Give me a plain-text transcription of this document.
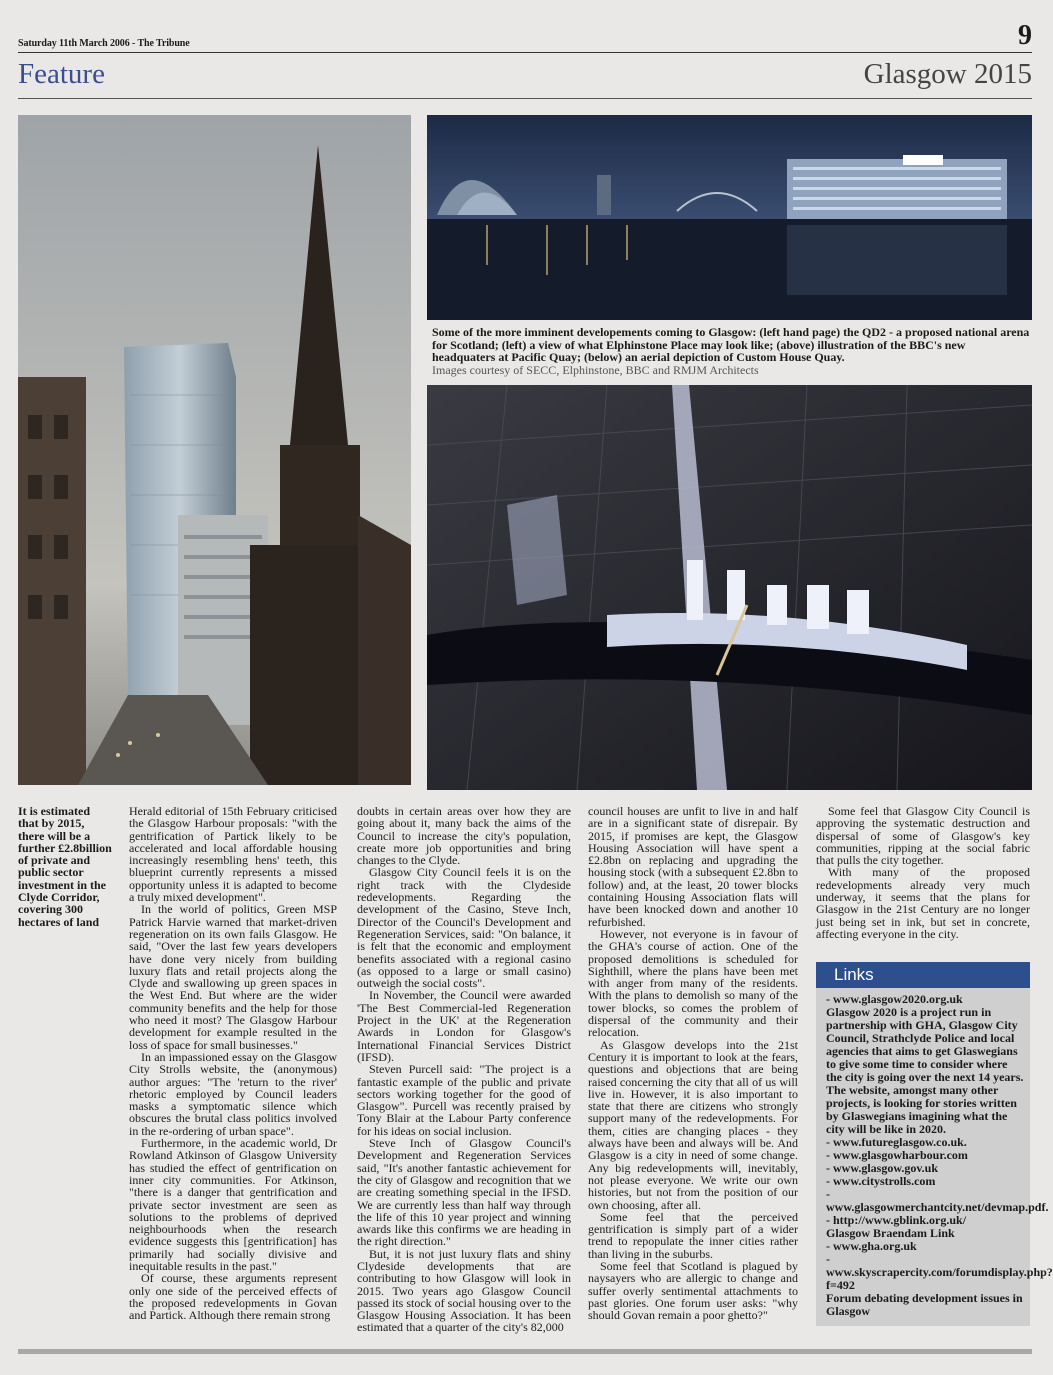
Saturday 11th March 2006 - The Tribune	9
Feature	Glasgow 2015
Some of the more imminent developements coming to Glasgow: (left hand page) the QD2 - a proposed national arena for Scotland; (left) a view of what Elphinstone Place may look like; (above) illustration of the BBC's new headquaters at Pacific Quay; (below) an aerial depiction of Custom House Quay.
Images courtesy of SECC, Elphinstone, BBC and RMJM Architects
It is estimated that by 2015, there will be a further £2.8billion of private and public sector investment in the Clyde Corridor, covering 300 hectares of land

Herald editorial of 15th February criticised the Glasgow Harbour proposals: "with the gentrification of Partick likely to be accelerated and local affordable housing increasingly resembling hens' teeth, this blueprint currently represents a missed opportunity unless it is adapted to become a truly mixed development".

In the world of politics, Green MSP Patrick Harvie warned that market-driven regeneration on its own fails Glasgow. He said, "Over the last few years developers have done very nicely from building luxury flats and retail projects along the Clyde and swallowing up green spaces in the West End. But where are the wider community benefits and the help for those who need it most? The Glasgow Harbour development for example resulted in the loss of space for small businesses."

In an impassioned essay on the Glasgow City Strolls website, the (anonymous) author argues: "The 'return to the river' rhetoric employed by Council leaders masks a symptomatic silence which obscures the brutal class politics involved in the re-ordering of urban space".

Furthermore, in the academic world, Dr Rowland Atkinson of Glasgow University has studied the effect of gentrification on inner city communities. For Atkinson, "there is a danger that gentrification and private sector investment are seen as solutions to the problems of deprived neighbourhoods when the research evidence suggests this [gentrification] has primarily had socially divisive and inequitable results in the past."

Of course, these arguments represent only one side of the perceived effects of the proposed redevelopments in Govan and Partick. Although there remain strong

doubts in certain areas over how they are going about it, many back the aims of the Council to increase the city's population, create more job opportunities and bring changes to the Clyde.

Glasgow City Council feels it is on the right track with the Clydeside redevelopments. Regarding the development of the Casino, Steve Inch, Director of the Council's Development and Regeneration Services, said: "On balance, it is felt that the economic and employment benefits associated with a regional casino (as opposed to a large or small casino) outweigh the social costs".

In November, the Council were awarded 'The Best Commercial-led Regeneration Project in the UK' at the Regeneration Awards in London for Glasgow's International Financial Services District (IFSD).

Steven Purcell said: "The project is a fantastic example of the public and private sectors working together for the good of Glasgow". Purcell was recently praised by Tony Blair at the Labour Party conference for his ideas on social inclusion.

Steve Inch of Glasgow Council's Development and Regeneration Services said, "It's another fantastic achievement for the city of Glasgow and recognition that we are creating something special in the IFSD. We are currently less than half way through the life of this 10 year project and winning awards like this confirms we are heading in the right direction."

But, it is not just luxury flats and shiny Clydeside developments that are contributing to how Glasgow will look in 2015. Two years ago Glasgow Council passed its stock of social housing over to the Glasgow Housing Association. It has been estimated that a quarter of the city's 82,000

council houses are unfit to live in and half are in a significant state of disrepair. By 2015, if promises are kept, the Glasgow Housing Association will have spent a £2.8bn on replacing and upgrading the housing stock (with a subsequent £2.8bn to follow) and, at the least, 20 tower blocks containing Housing Association flats will have been knocked down and another 10 refurbished.

However, not everyone is in favour of the GHA's course of action. One of the proposed demolitions is scheduled for Sighthill, where the plans have been met with anger from many of the residents. With the plans to demolish so many of the tower blocks, so comes the problem of dispersal of the community and their relocation.

As Glasgow develops into the 21st Century it is important to look at the fears, questions and objections that are being raised concerning the city that all of us will live in. However, it is also important to state that there are citizens who strongly support many of the redevelopments. For them, cities are changing places - they always have been and always will be. And Glasgow is a city in need of some change. Any big redevelopments will, inevitably, not please everyone. We write our own histories, but not from the position of our own choosing, after all.

Some feel that the perceived gentrification is simply part of a wider trend to repopulate the inner cities rather than living in the suburbs.

Some feel that Scotland is plagued by naysayers who are allergic to change and suffer overly sentimental attachments to past glories. One forum user asks: "why should Govan remain a poor ghetto?"

Some feel that Glasgow City Council is approving the systematic destruction and dispersal of some of Glasgow's key communities, ripping at the social fabric that pulls the city together.

With many of the proposed redevelopments already very much underway, it seems that the plans for Glasgow in the 21st Century are no longer just being set in ink, but set in concrete, affecting everyone in the city.

Links
- www.glasgow2020.org.uk
Glasgow 2020 is a project run in partnership with GHA, Glasgow City Council, Strathclyde Police and local agencies that aims to get Glaswegians to give some time to consider where the city is going over the next 14 years.
The website, amongst many other projects, is looking for stories written by Glaswegians imagining what the city will be like in 2020.
- www.futureglasgow.co.uk.
- www.glasgowharbour.com
- www.glasgow.gov.uk
- www.citystrolls.com
- www.glasgowmerchantcity.net/devmap.pdf.
- http://www.gblink.org.uk/
Glasgow Braendam Link
- www.gha.org.uk
- www.skyscrapercity.com/forumdisplay.php?f=492
Forum debating development issues in Glasgow
